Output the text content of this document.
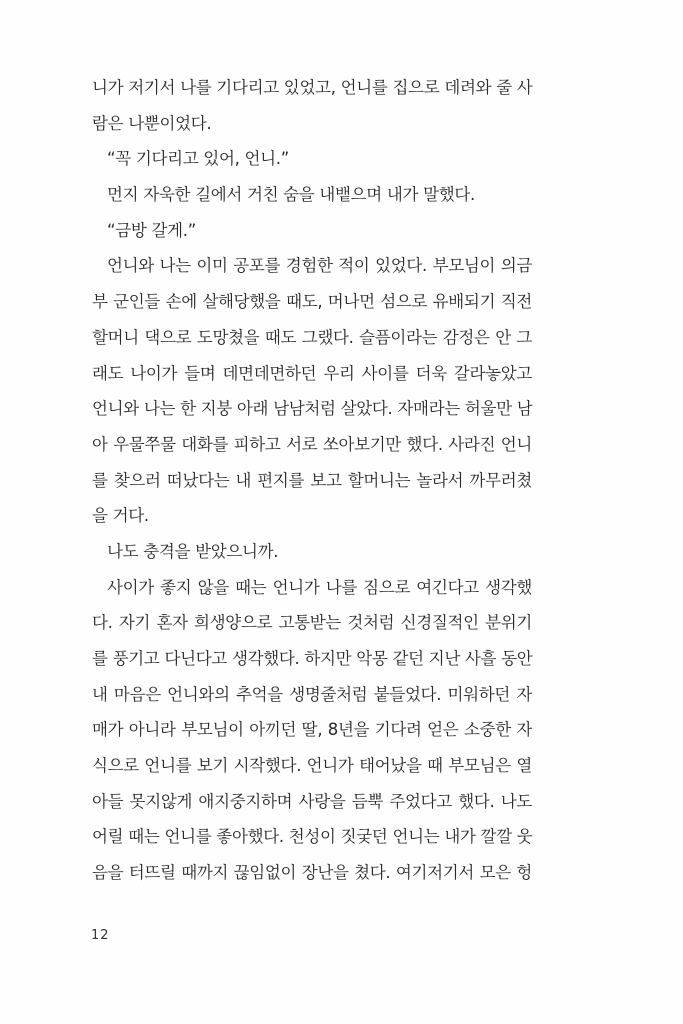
니가 저기서 나를 기다리고 있었고, 언니를 집으로 데려와 줄 사
람은 나뿐이었다.
“꼭 기다리고 있어, 언니.”
먼지 자욱한 길에서 거친 숨을 내뱉으며 내가 말했다.
“금방 갈게.”
언니와 나는 이미 공포를 경험한 적이 있었다. 부모님이 의금
부 군인들 손에 살해당했을 때도, 머나먼 섬으로 유배되기 직전
할머니 댁으로 도망쳤을 때도 그랬다. 슬픔이라는 감정은 안 그
래도 나이가 들며 데면데면하던 우리 사이를 더욱 갈라놓았고
언니와 나는 한 지붕 아래 남남처럼 살았다. 자매라는 허울만 남
아 우물쭈물 대화를 피하고 서로 쏘아보기만 했다. 사라진 언니
를 찾으러 떠났다는 내 편지를 보고 할머니는 놀라서 까무러쳤
을 거다.
나도 충격을 받았으니까.
사이가 좋지 않을 때는 언니가 나를 짐으로 여긴다고 생각했
다. 자기 혼자 희생양으로 고통받는 것처럼 신경질적인 분위기
를 풍기고 다닌다고 생각했다. 하지만 악몽 같던 지난 사흘 동안
내 마음은 언니와의 추억을 생명줄처럼 붙들었다. 미워하던 자
매가 아니라 부모님이 아끼던 딸, 8년을 기다려 얻은 소중한 자
식으로 언니를 보기 시작했다. 언니가 태어났을 때 부모님은 열
아들 못지않게 애지중지하며 사랑을 듬뿍 주었다고 했다. 나도
어릴 때는 언니를 좋아했다. 천성이 짓궂던 언니는 내가 깔깔 웃
음을 터뜨릴 때까지 끊임없이 장난을 쳤다. 여기저기서 모은 헝
12
